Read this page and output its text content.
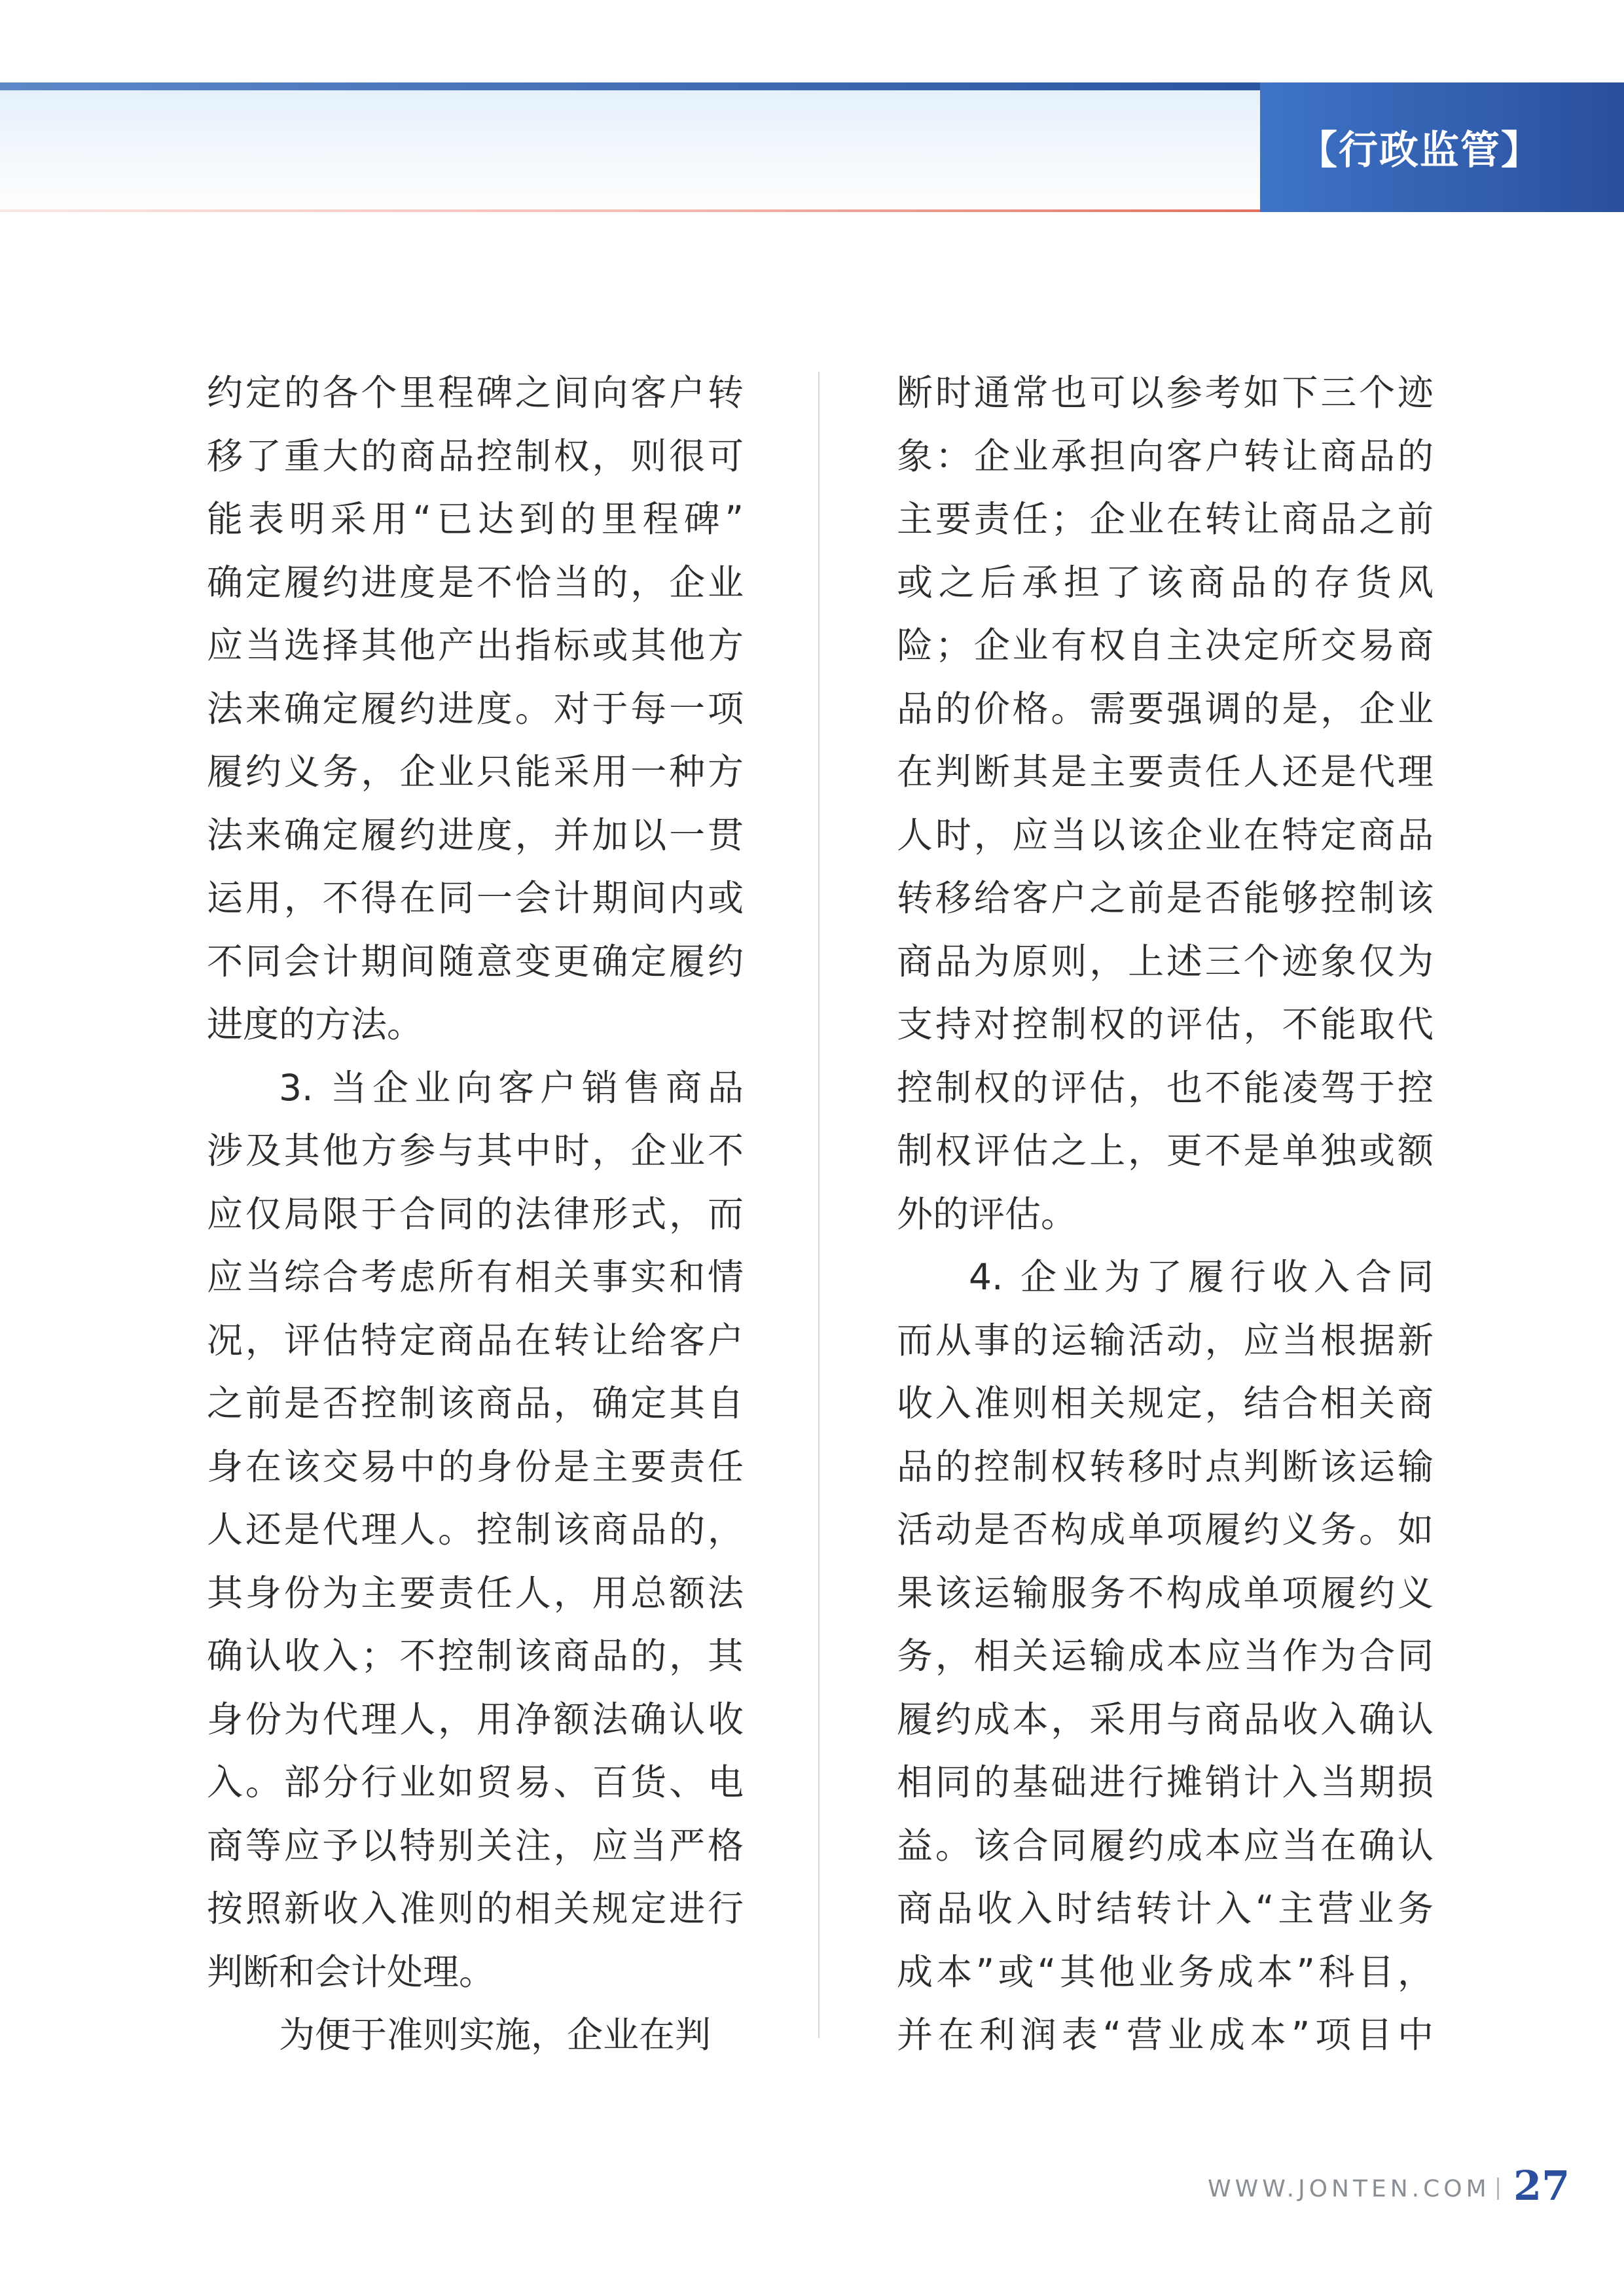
【行政监管】
约定的各个里程碑之间向客户转
移了重大的商品控制权，则很可
能表明采用“已达到的里程碑”
确定履约进度是不恰当的，企业
应当选择其他产出指标或其他方
法来确定履约进度。对于每一项
履约义务，企业只能采用一种方
法来确定履约进度，并加以一贯
运用，不得在同一会计期间内或
不同会计期间随意变更确定履约
进度的方法。
3. 当企业向客户销售商品
涉及其他方参与其中时，企业不
应仅局限于合同的法律形式，而
应当综合考虑所有相关事实和情
况，评估特定商品在转让给客户
之前是否控制该商品，确定其自
身在该交易中的身份是主要责任
人还是代理人。控制该商品的，
其身份为主要责任人，用总额法
确认收入；不控制该商品的，其
身份为代理人，用净额法确认收
入。部分行业如贸易、百货、电
商等应予以特别关注，应当严格
按照新收入准则的相关规定进行
判断和会计处理。
为便于准则实施，企业在判
断时通常也可以参考如下三个迹
象：企业承担向客户转让商品的
主要责任；企业在转让商品之前
或之后承担了该商品的存货风
险；企业有权自主决定所交易商
品的价格。需要强调的是，企业
在判断其是主要责任人还是代理
人时，应当以该企业在特定商品
转移给客户之前是否能够控制该
商品为原则，上述三个迹象仅为
支持对控制权的评估，不能取代
控制权的评估，也不能凌驾于控
制权评估之上，更不是单独或额
外的评估。
4. 企业为了履行收入合同
而从事的运输活动，应当根据新
收入准则相关规定，结合相关商
品的控制权转移时点判断该运输
活动是否构成单项履约义务。如
果该运输服务不构成单项履约义
务，相关运输成本应当作为合同
履约成本，采用与商品收入确认
相同的基础进行摊销计入当期损
益。该合同履约成本应当在确认
商品收入时结转计入“主营业务
成本”或“其他业务成本”科目，
并在利润表“营业成本”项目中
WWW.JONTEN.COM 27
